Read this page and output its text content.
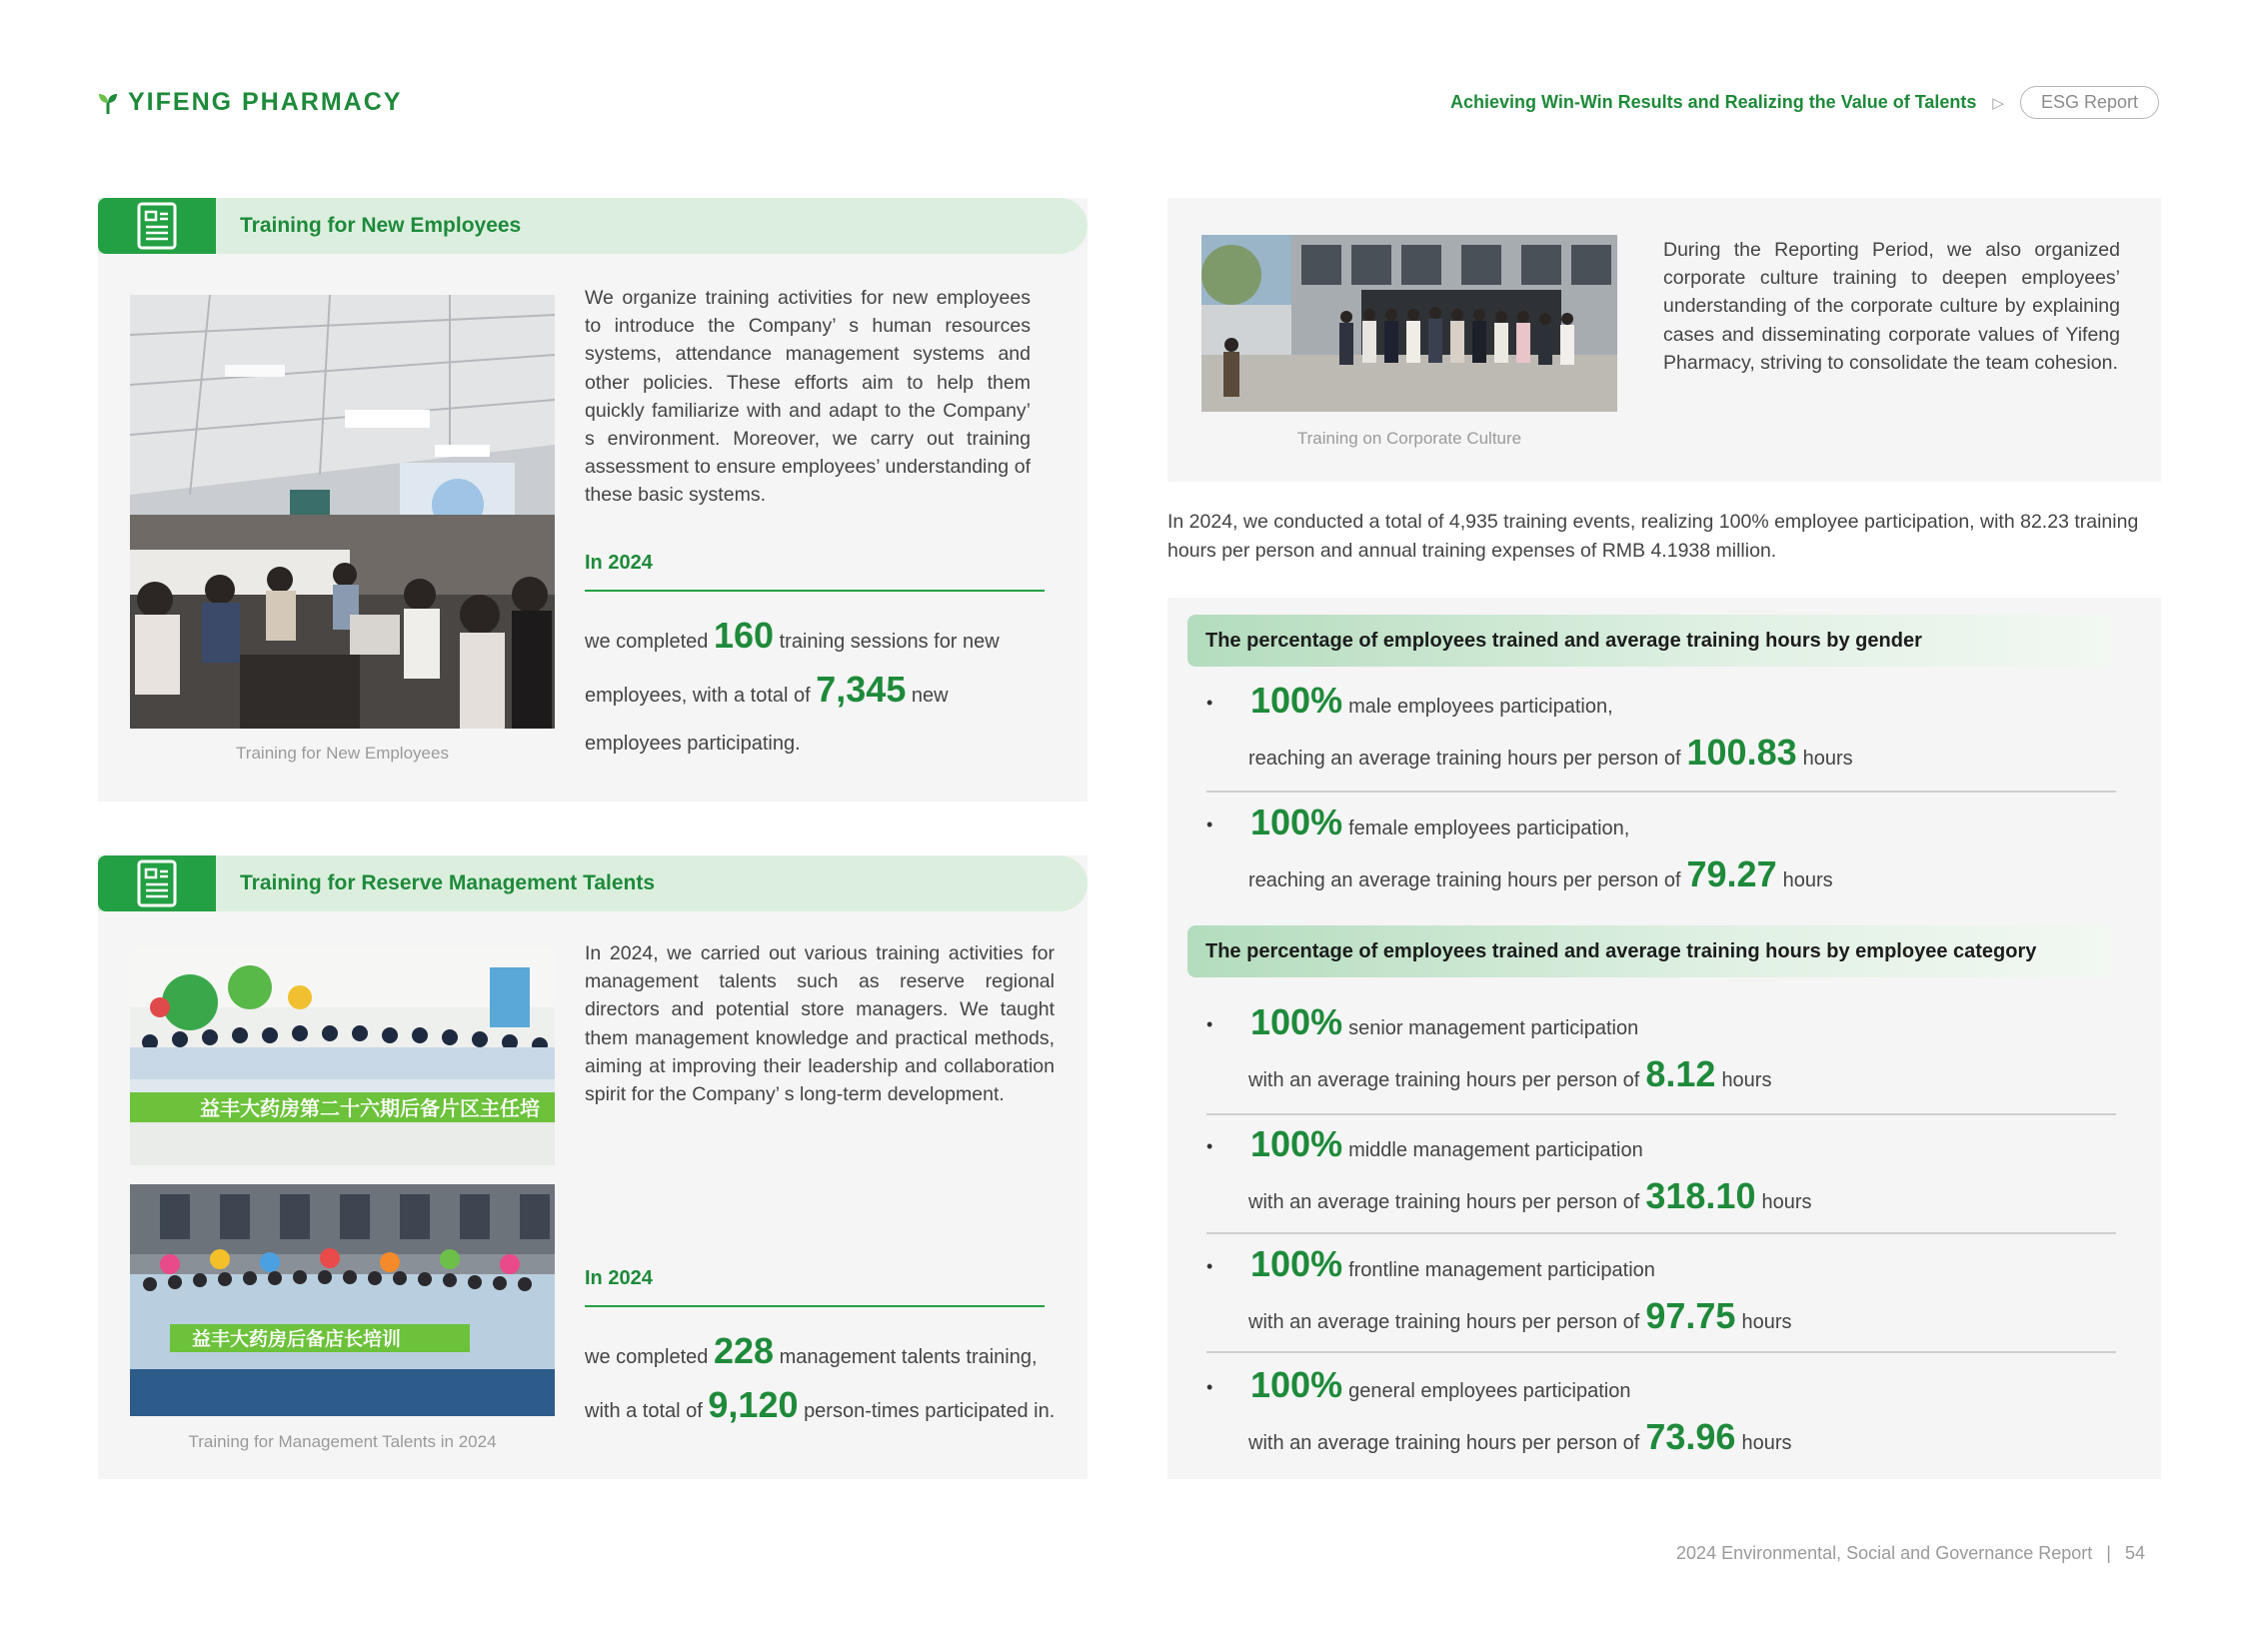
YIFENG PHARMACY	Achieving Win-Win Results and Realizing the Value of Talents ▷	ESG Report
Training for New Employees
Training for New Employees
We organize training activities for new employees to introduce the Company’ s human resources systems, attendance management systems and other policies. These efforts aim to help them quickly familiarize with and adapt to the Company’ s environment. Moreover, we carry out training assessment to ensure employees’ understanding of these basic systems.
In 2024
we completed 160 training sessions for new employees, with a total of 7,345 new employees participating.
Training for Reserve Management Talents
益丰大药房第二十六期后备片区主任培
益丰大药房后备店长培训
Training for Management Talents in 2024
In 2024, we carried out various training activities for management talents such as reserve regional directors and potential store managers. We taught them management knowledge and practical methods, aiming at improving their leadership and collaboration spirit for the Company’ s long-term development.
In 2024
we completed 228 management talents training, with a total of 9,120 person-times participated in.
Training on Corporate Culture
During the Reporting Period, we also organized corporate culture training to deepen employees’ understanding of the corporate culture by explaining cases and disseminating corporate values of Yifeng Pharmacy, striving to consolidate the team cohesion.
In 2024, we conducted a total of 4,935 training events, realizing 100% employee participation, with 82.23 training hours per person and annual training expenses of RMB 4.1938 million.
The percentage of employees trained and average training hours by gender
•	100% male employees participation,
reaching an average training hours per person of 100.83 hours
•	100% female employees participation,
reaching an average training hours per person of 79.27 hours
The percentage of employees trained and average training hours by employee category
•	100% senior management participation
with an average training hours per person of 8.12 hours
•	100% middle management participation
with an average training hours per person of 318.10 hours
•	100% frontline management participation
with an average training hours per person of 97.75 hours
•	100% general employees participation
with an average training hours per person of 73.96 hours
2024 Environmental, Social and Governance Report | 54
